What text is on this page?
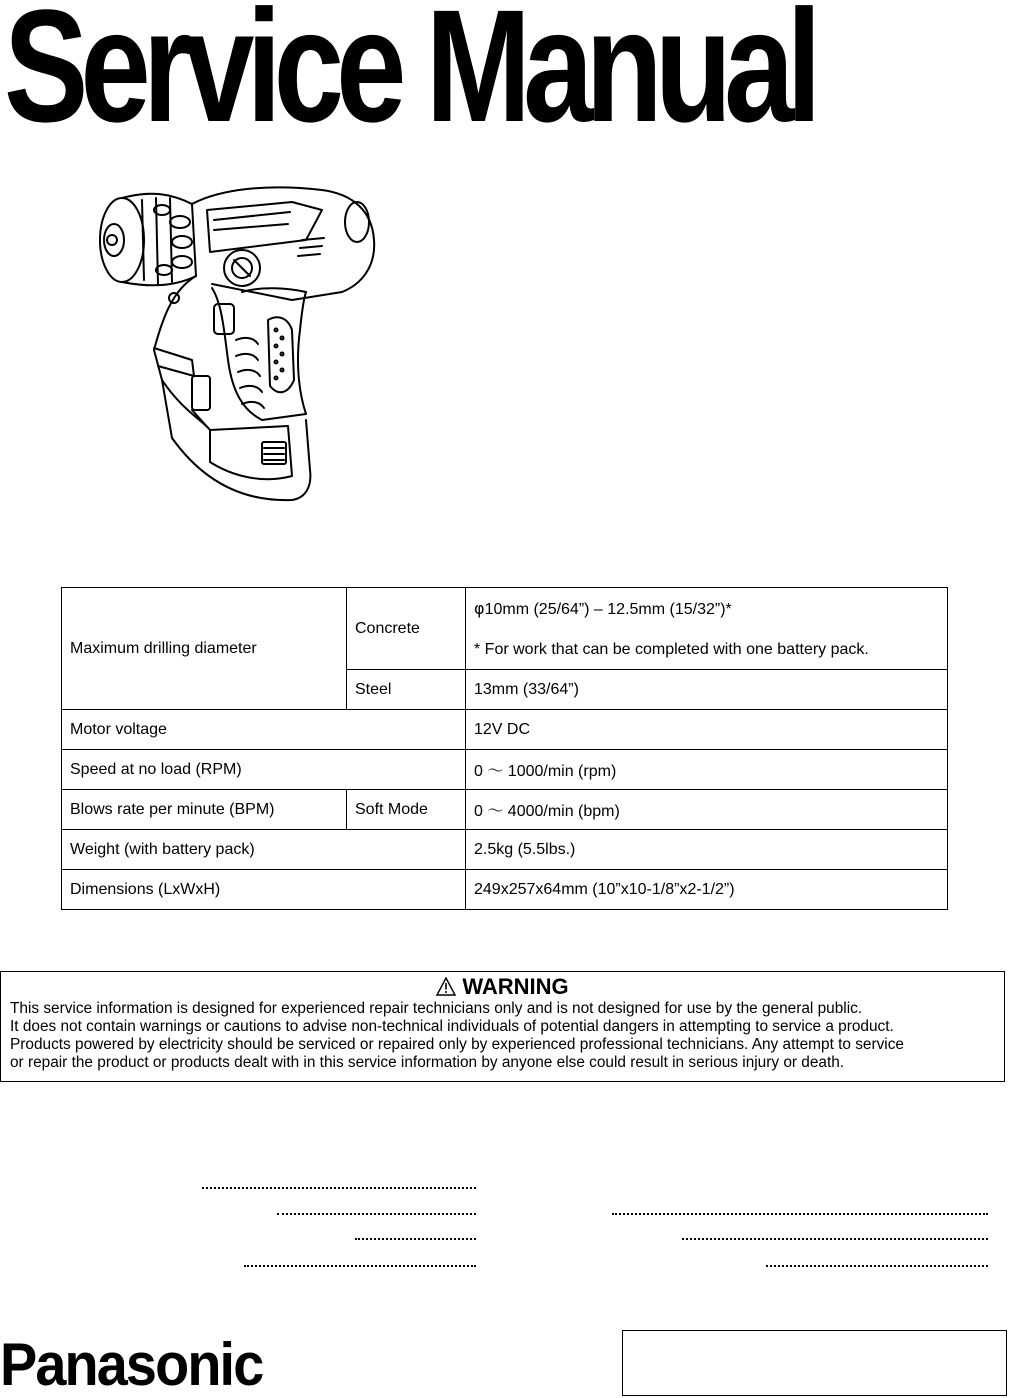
Service Manual
Maximum drilling diameter	Concrete	φ10mm (25/64”) – 12.5mm (15/32”)*
* For work that can be completed with one battery pack.

	Steel	13mm (33/64”)
Motor voltage		12V DC
Speed at no load (RPM)		0 ～ 1000/min (rpm)
Blows rate per minute (BPM)	Soft Mode	0 ～ 4000/min (bpm)
Weight (with battery pack)		2.5kg (5.5lbs.)
Dimensions (LxWxH)		249x257x64mm (10”x10-1/8”x2-1/2”)
WARNING

This service information is designed for experienced repair technicians only and is not designed for use by the general public.

It does not contain warnings or cautions to advise non-technical individuals of potential dangers in attempting to service a product.

Products powered by electricity should be serviced or repaired only by experienced professional technicians. Any attempt to service

or repair the product or products dealt with in this service information by anyone else could result in serious injury or death.

Panasonic
